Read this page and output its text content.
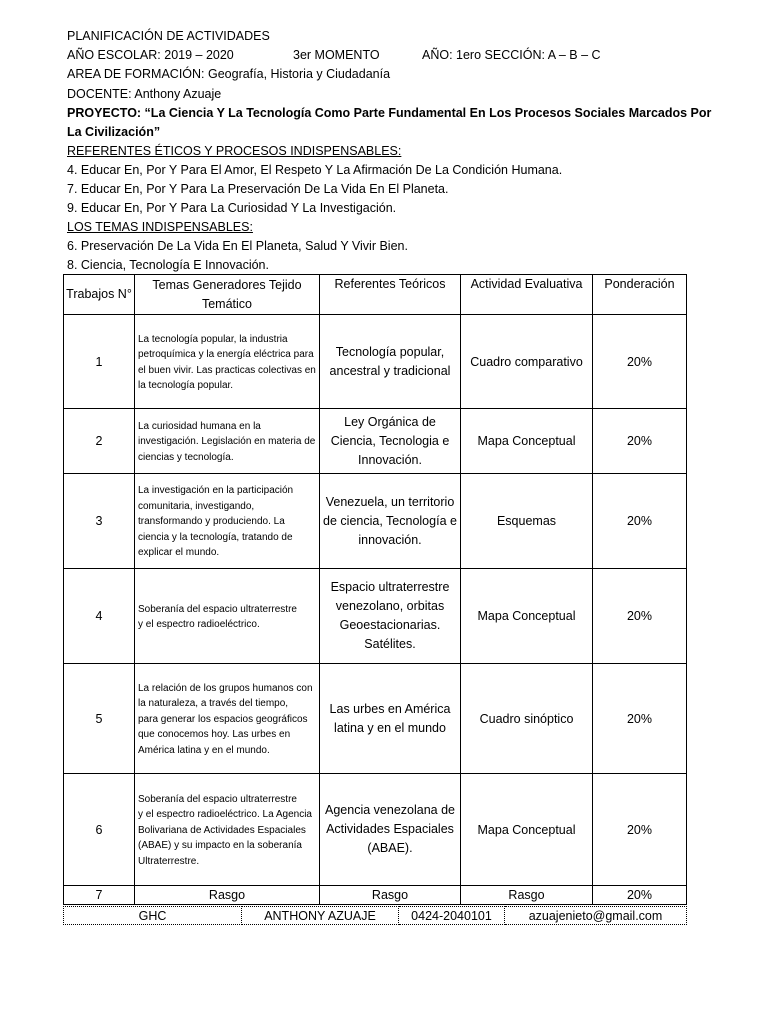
PLANIFICACIÓN DE ACTIVIDADES
AÑO ESCOLAR: 2019 – 2020	3er MOMENTO	AÑO: 1ero SECCIÓN: A – B – C
AREA DE FORMACIÓN: Geografía, Historia y Ciudadanía
DOCENTE: Anthony Azuaje
PROYECTO: “La Ciencia Y La Tecnología Como Parte Fundamental En Los Procesos Sociales Marcados Por La Civilización”
REFERENTES ÉTICOS Y PROCESOS INDISPENSABLES:
4. Educar En, Por Y Para El Amor, El Respeto Y La Afirmación De La Condición Humana.
7. Educar En, Por Y Para La Preservación De La Vida En El Planeta.
9. Educar En, Por Y Para La Curiosidad Y La Investigación.
LOS TEMAS INDISPENSABLES:
6. Preservación De La Vida En El Planeta, Salud Y Vivir Bien.
8. Ciencia, Tecnología E Innovación.
Trabajos N°	Temas Generadores Tejido Temático	Referentes Teóricos	Actividad Evaluativa	Ponderación
1	La tecnología popular, la industria petroquímica y la energía eléctrica para
el buen vivir. Las practicas colectivas en la tecnología popular.	Tecnología popular, ancestral y tradicional	Cuadro comparativo	20%
2	La curiosidad humana en la investigación. Legislación en materia de ciencias y tecnología.	Ley Orgánica de Ciencia, Tecnologia e Innovación.	Mapa Conceptual	20%
3	La investigación en la participación comunitaria, investigando, transformando y produciendo. La ciencia y la tecnología, tratando de
explicar el mundo.	Venezuela, un territorio de ciencia, Tecnología e innovación.	Esquemas	20%
4	Soberanía del espacio ultraterrestre
y el espectro radioeléctrico.	Espacio ultraterrestre venezolano, orbitas Geoestacionarias. Satélites.	Mapa Conceptual	20%
5	La relación de los grupos humanos con la naturaleza, a través del tiempo,
para generar los espacios geográficos
que conocemos hoy. Las urbes en América latina y en el mundo.	Las urbes en América latina y en el mundo	Cuadro sinóptico	20%
6	Soberanía del espacio ultraterrestre
y el espectro radioeléctrico. La Agencia Bolivariana de Actividades Espaciales (ABAE) y su impacto en la soberanía
Ultraterrestre.	Agencia venezolana de Actividades Espaciales (ABAE).	Mapa Conceptual	20%
7	Rasgo	Rasgo	Rasgo	20%
GHC	ANTHONY AZUAJE	0424-2040101	azuajenieto@gmail.com
